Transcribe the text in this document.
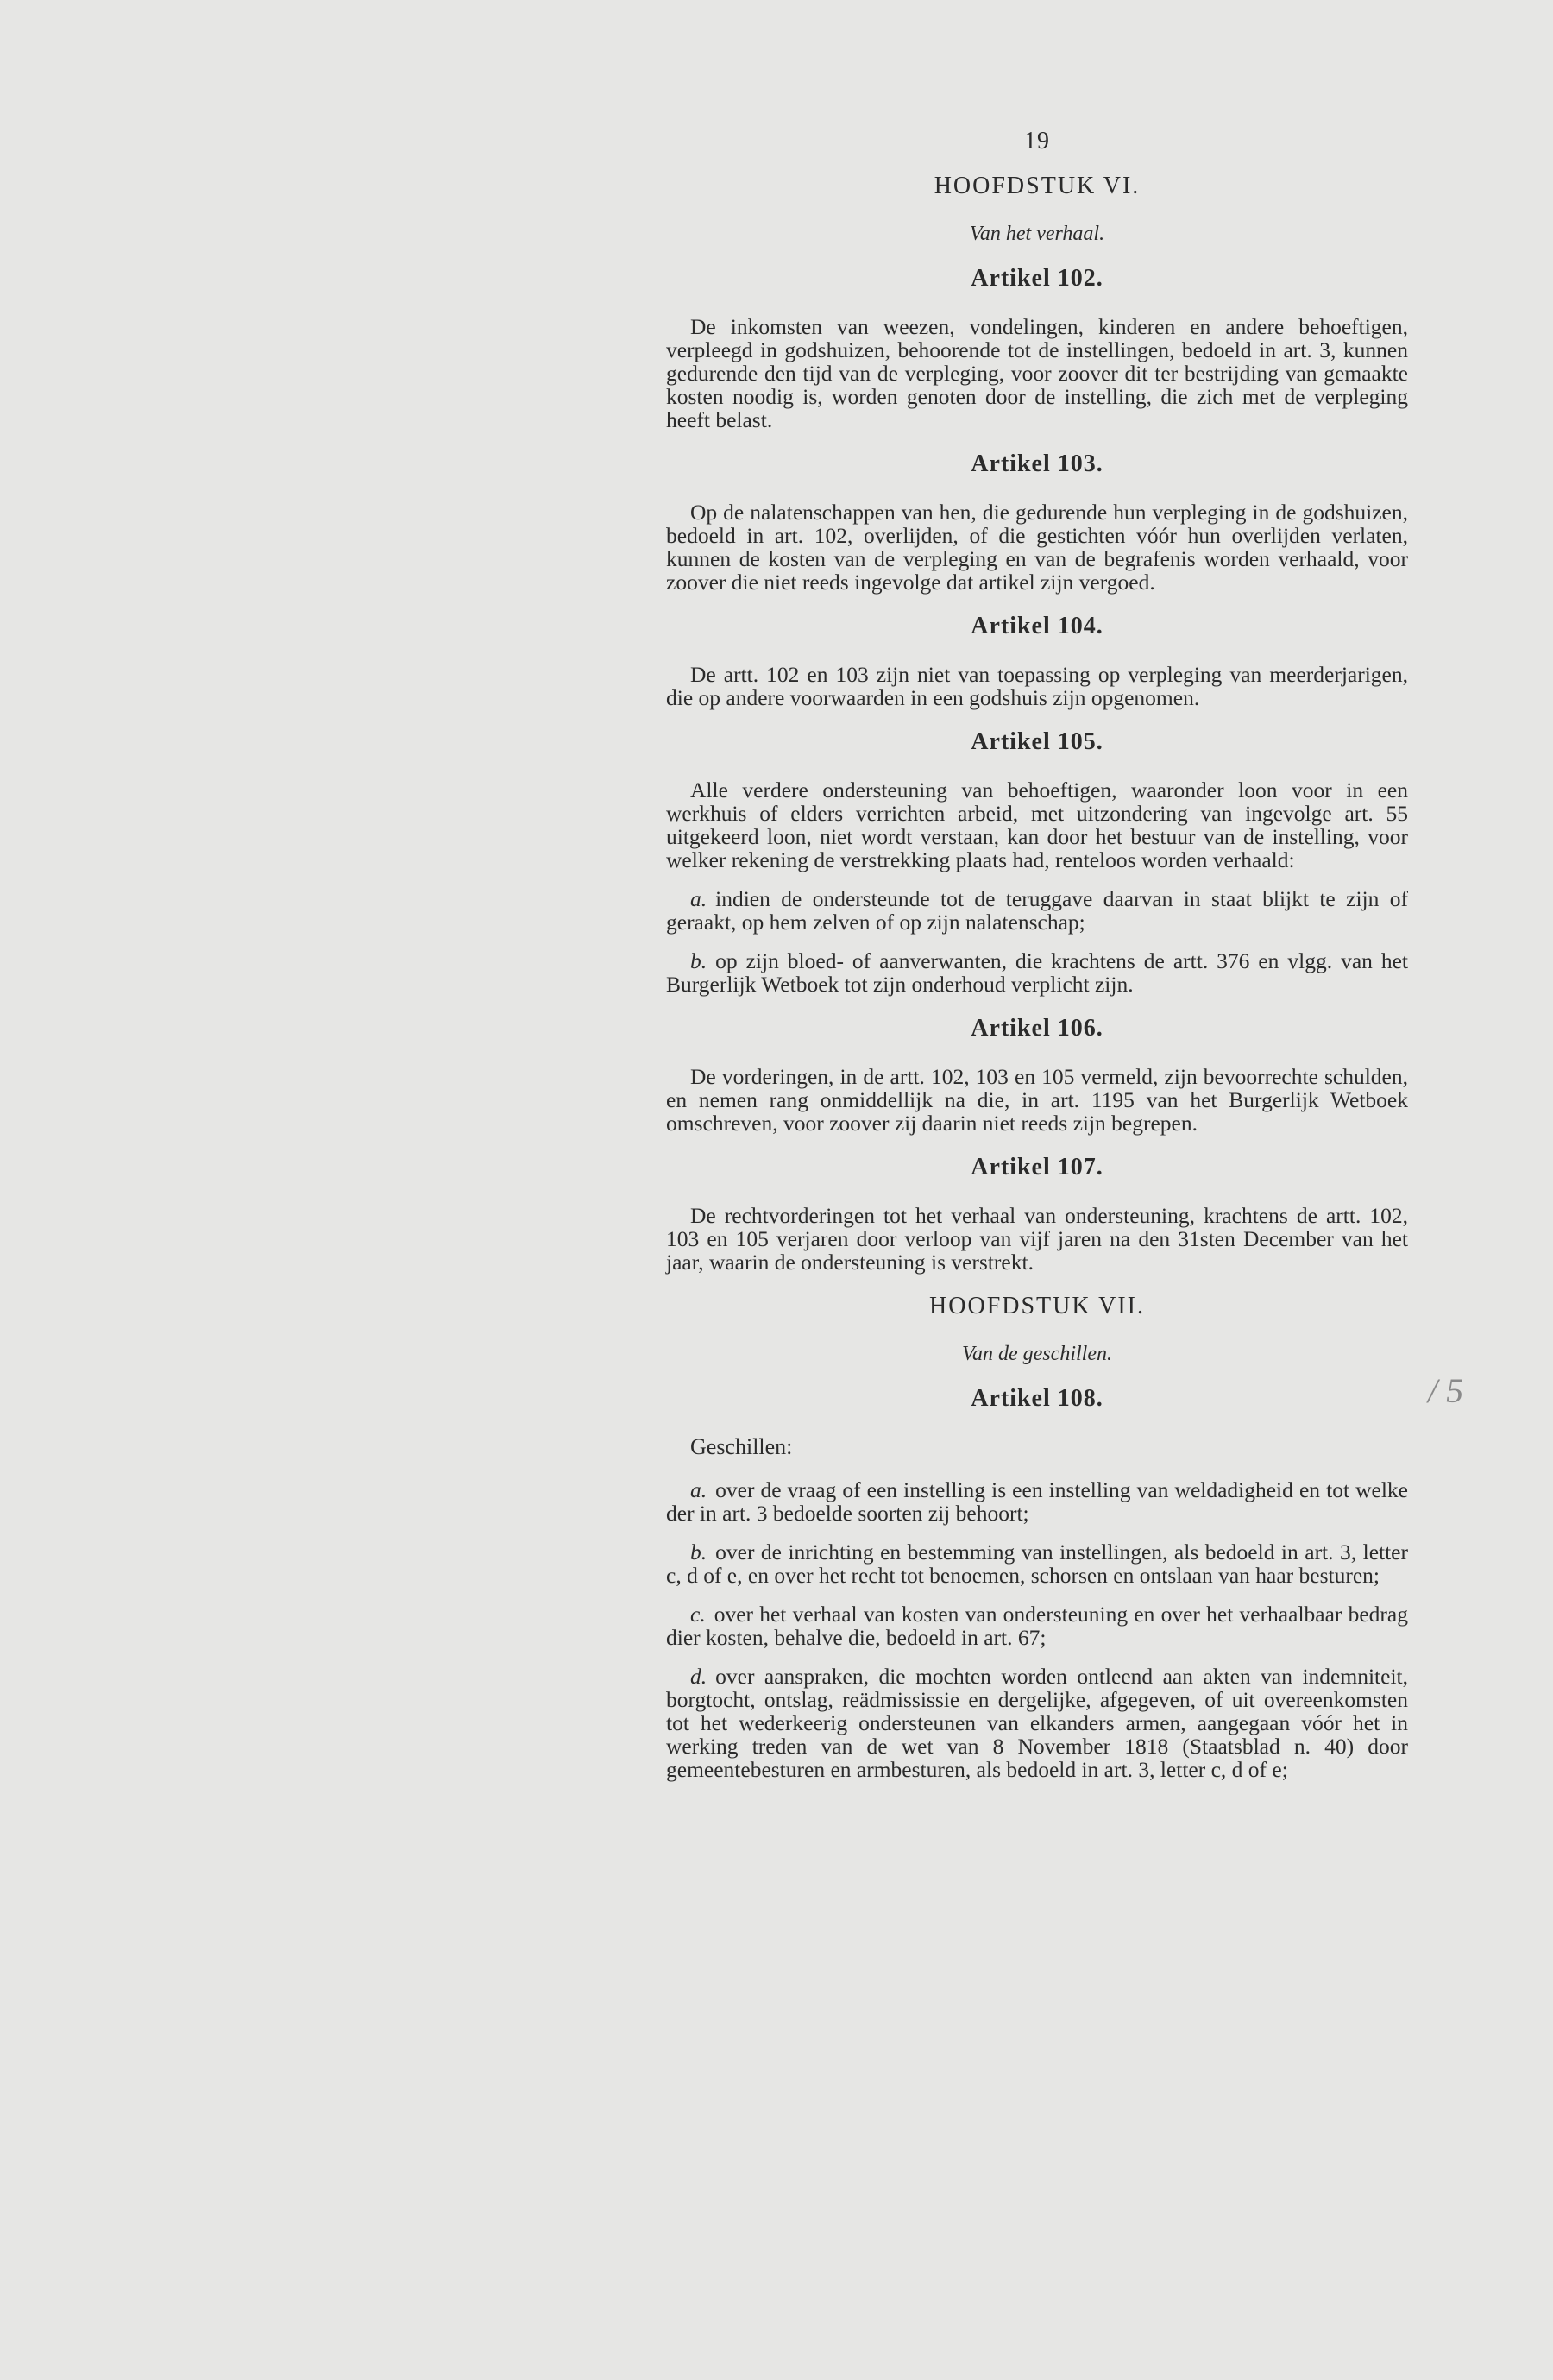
/ 5
19
HOOFDSTUK VI.
Van het verhaal.
Artikel 102.

De inkomsten van weezen, vondelingen, kinderen en andere behoeftigen, verpleegd in godshuizen, behoorende tot de instellingen, bedoeld in art. 3, kunnen gedurende den tijd van de verpleging, voor zoover dit ter bestrijding van gemaakte kosten noodig is, worden genoten door de instelling, die zich met de verpleging heeft belast.

Artikel 103.

Op de nalatenschappen van hen, die gedurende hun verpleging in de godshuizen, bedoeld in art. 102, overlijden, of die gestichten vóór hun overlijden verlaten, kunnen de kosten van de verpleging en van de begrafenis worden verhaald, voor zoover die niet reeds ingevolge dat artikel zijn vergoed.

Artikel 104.

De artt. 102 en 103 zijn niet van toepassing op verpleging van meerderjarigen, die op andere voorwaarden in een godshuis zijn opgenomen.

Artikel 105.

Alle verdere ondersteuning van behoeftigen, waaronder loon voor in een werkhuis of elders verrichten arbeid, met uitzondering van ingevolge art. 55 uitgekeerd loon, niet wordt verstaan, kan door het bestuur van de instelling, voor welker rekening de verstrekking plaats had, renteloos worden verhaald:

a. indien de ondersteunde tot de teruggave daarvan in staat blijkt te zijn of geraakt, op hem zelven of op zijn nalatenschap;

b. op zijn bloed- of aanverwanten, die krachtens de artt. 376 en vlgg. van het Burgerlijk Wetboek tot zijn onderhoud verplicht zijn.

Artikel 106.

De vorderingen, in de artt. 102, 103 en 105 vermeld, zijn bevoorrechte schulden, en nemen rang onmiddellijk na die, in art. 1195 van het Burgerlijk Wetboek omschreven, voor zoover zij daarin niet reeds zijn begrepen.

Artikel 107.

De rechtvorderingen tot het verhaal van ondersteuning, krachtens de artt. 102, 103 en 105 verjaren door verloop van vijf jaren na den 31sten December van het jaar, waarin de ondersteuning is verstrekt.

HOOFDSTUK VII.
Van de geschillen.
Artikel 108.

Geschillen:

a. over de vraag of een instelling is een instelling van weldadigheid en tot welke der in art. 3 bedoelde soorten zij behoort;

b. over de inrichting en bestemming van instellingen, als bedoeld in art. 3, letter c, d of e, en over het recht tot benoemen, schorsen en ontslaan van haar besturen;

c. over het verhaal van kosten van ondersteuning en over het verhaalbaar bedrag dier kosten, behalve die, bedoeld in art. 67;

d. over aanspraken, die mochten worden ontleend aan akten van indemniteit, borgtocht, ontslag, reädmississie en dergelijke, afgegeven, of uit overeenkomsten tot het wederkeerig ondersteunen van elkanders armen, aangegaan vóór het in werking treden van de wet van 8 November 1818 (Staatsblad n. 40) door gemeentebesturen en armbesturen, als bedoeld in art. 3, letter c, d of e;
